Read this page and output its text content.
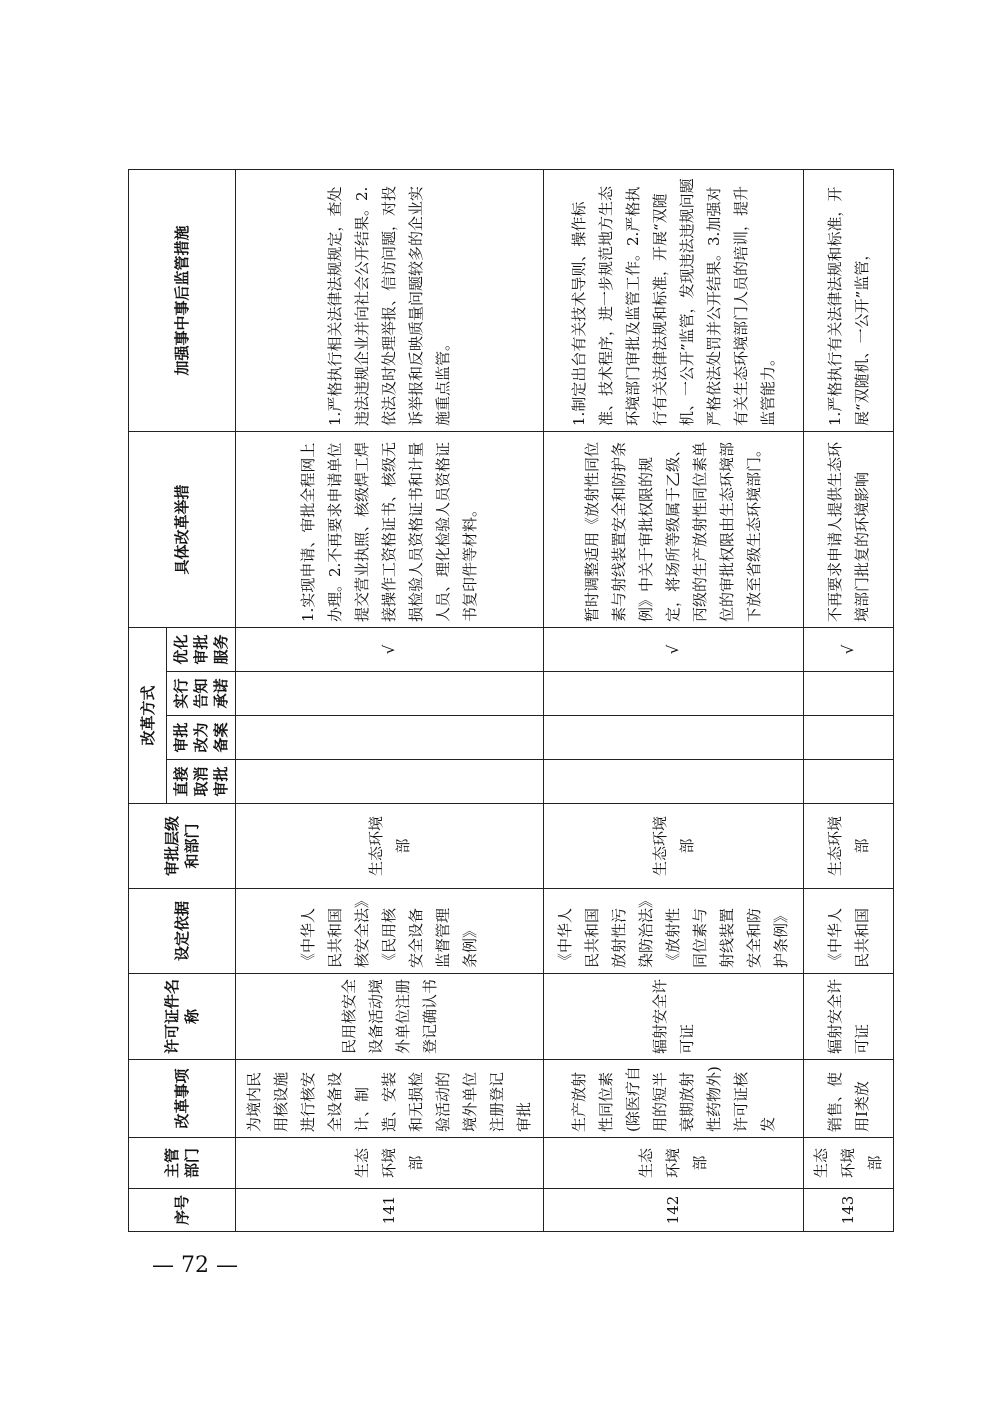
序号	主管部门	改革事项	许可证件名称	设定依据	审批层级和部门	改革方式				具体改革举措	加强事中事后监管措施
						直接取消审批	审批改为备案	实行告知承诺	优化审批服务		
141	生态环境部	为境内民用核设施进行核安全设备设计、制造、安装和无损检验活动的境外单位注册登记审批	民用核安全设备活动境外单位注册登记确认书	《中华人民共和国核安全法》《民用核安全设备监督管理条例》	生态环境部				√	1.实现申请、审批全程网上办理。2.不再要求申请单位提交营业执照、核级焊工焊接操作工资格证书、核级无损检验人员资格证书和计量人员、理化检验人员资格证书复印件等材料。	1.严格执行相关法律法规规定，查处违法违规企业并向社会公开结果。2.依法及时处理举报、信访问题，对投诉举报和反映质量问题较多的企业实施重点监管。
142	生态环境部	生产放射性同位素(除医疗自用的短半衰期放射性药物外)许可证核发	辐射安全许可证	《中华人民共和国放射性污染防治法》《放射性同位素与射线装置安全和防护条例》	生态环境部				√	暂时调整适用《放射性同位素与射线装置安全和防护条例》中关于审批权限的规定，将场所等级属于乙级、丙级的生产放射性同位素单位的审批权限由生态环境部下放至省级生态环境部门。	1.制定出台有关技术导则、操作标准、技术程序，进一步规范地方生态环境部门审批及监管工作。2.严格执行有关法律法规和标准，开展“双随机、一公开”监管，发现违法违规问题严格依法处罚并公开结果。3.加强对有关生态环境部门人员的培训，提升监管能力。
143	生态环境部	销售、使用Ⅰ类放	辐射安全许可证	《中华人民共和国	生态环境部				√	不再要求申请人提供生态环境部门批复的环境影响	1.严格执行有关法律法规和标准，开展“双随机、一公开”监管，
— 72 —
